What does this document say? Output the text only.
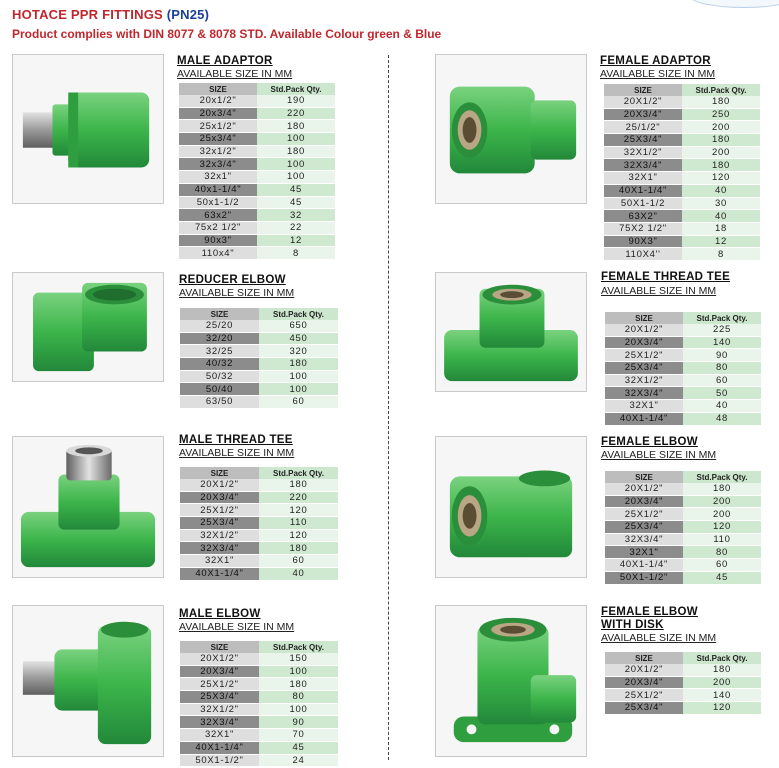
HOTACE PPR FITTINGS (PN25)
Product complies with DIN 8077 & 8078 STD. Available Colour green & Blue
MALE ADAPTOR
AVAILABLE SIZE IN MM
SIZE	Std.Pack Qty.
20x1/2"	190
20x3/4"	220
25x1/2"	180
25x3/4"	100
32x1/2"	180
32x3/4"	100
32x1"	100
40x1-1/4"	45
50x1-1/2	45
63x2"	32
75x2 1/2"	22
90x3"	12
110x4"	8
FEMALE ADAPTOR
AVAILABLE SIZE IN MM
SIZE	Std.Pack Qty.
20X1/2"	180
20X3/4"	250
25/1/2"	200
25X3/4"	180
32X1/2"	200
32X3/4"	180
32X1"	120
40X1-1/4"	40
50X1-1/2	30
63X2"	40
75X2 1/2"	18
90X3"	12
110X4''	8
REDUCER ELBOW
AVAILABLE SIZE IN MM
SIZE	Std.Pack Qty.
25/20	650
32/20	450
32/25	320
40/32	180
50/32	100
50/40	100
63/50	60
FEMALE THREAD TEE
AVAILABLE SIZE IN MM
SIZE	Std.Pack Qty.
20X1/2"	225
20X3/4"	140
25X1/2"	90
25X3/4"	80
32X1/2"	60
32X3/4"	50
32X1"	40
40X1-1/4"	48
MALE THREAD TEE
AVAILABLE SIZE IN MM
SIZE	Std.Pack Qty.
20X1/2"	180
20X3/4"	220
25X1/2"	120
25X3/4"	110
32X1/2"	120
32X3/4"	180
32X1"	60
40X1-1/4"	40
FEMALE ELBOW
AVAILABLE SIZE IN MM
SIZE	Std.Pack Qty.
20X1/2"	180
20X3/4"	200
25X1/2"	200
25X3/4"	120
32X3/4"	110
32X1"	80
40X1-1/4"	60
50X1-1/2"	45
MALE ELBOW
AVAILABLE SIZE IN MM
SIZE	Std.Pack Qty.
20X1/2"	150
20X3/4"	100
25X1/2"	180
25X3/4"	80
32X1/2"	100
32X3/4"	90
32X1"	70
40X1-1/4"	45
50X1-1/2"	24
FEMALE ELBOW
WITH DISK
AVAILABLE SIZE IN MM
SIZE	Std.Pack Qty.
20X1/2"	180
20X3/4"	200
25X1/2"	140
25X3/4"	120
